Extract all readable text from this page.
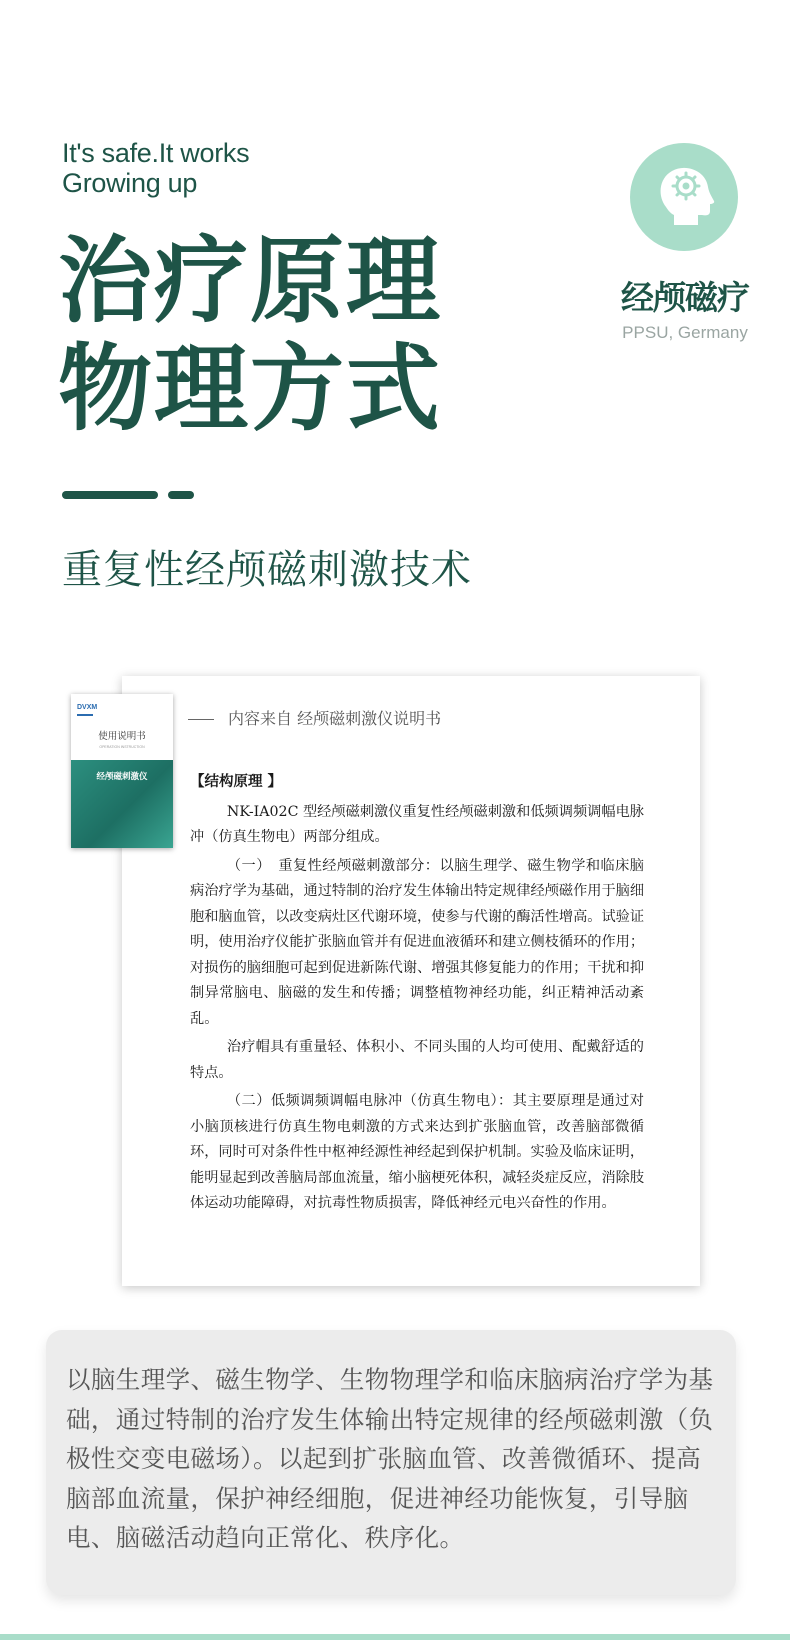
It's safe.It works
Growing up
治疗原理
物理方式
经颅磁疗
PPSU, Germany
重复性经颅磁刺激技术
内容来自 经颅磁刺激仪说明书

【结构原理 】

NK-IA02C 型经颅磁刺激仪重复性经颅磁刺激和低频调频调幅电脉冲（仿真生物电）两部分组成。

（一）　重复性经颅磁刺激部分：以脑生理学、磁生物学和临床脑病治疗学为基础，通过特制的治疗发生体输出特定规律经颅磁作用于脑细胞和脑血管，以改变病灶区代谢环境，使参与代谢的酶活性增高。试验证明，使用治疗仪能扩张脑血管并有促进血液循环和建立侧枝循环的作用；对损伤的脑细胞可起到促进新陈代谢、增强其修复能力的作用；干扰和抑制异常脑电、脑磁的发生和传播；调整植物神经功能，纠正精神活动紊乱。

治疗帽具有重量轻、体积小、不同头围的人均可使用、配戴舒适的特点。

（二）低频调频调幅电脉冲（仿真生物电）：其主要原理是通过对小脑顶核进行仿真生物电刺激的方式来达到扩张脑血管，改善脑部微循环，同时可对条件性中枢神经源性神经起到保护机制。实验及临床证明，能明显起到改善脑局部血流量，缩小脑梗死体积，减轻炎症反应，消除肢体运动功能障碍，对抗毒性物质损害，降低神经元电兴奋性的作用。

DVXM
使用说明书
OPERATION INSTRUCTION
经颅磁刺激仪
以脑生理学、磁生物学、生物物理学和临床脑病治疗学为基础，通过特制的治疗发生体输出特定规律的经颅磁刺激（负极性交变电磁场）。以起到扩张脑血管、改善微循环、提高脑部血流量，保护神经细胞，促进神经功能恢复，引导脑电、脑磁活动趋向正常化、秩序化。
